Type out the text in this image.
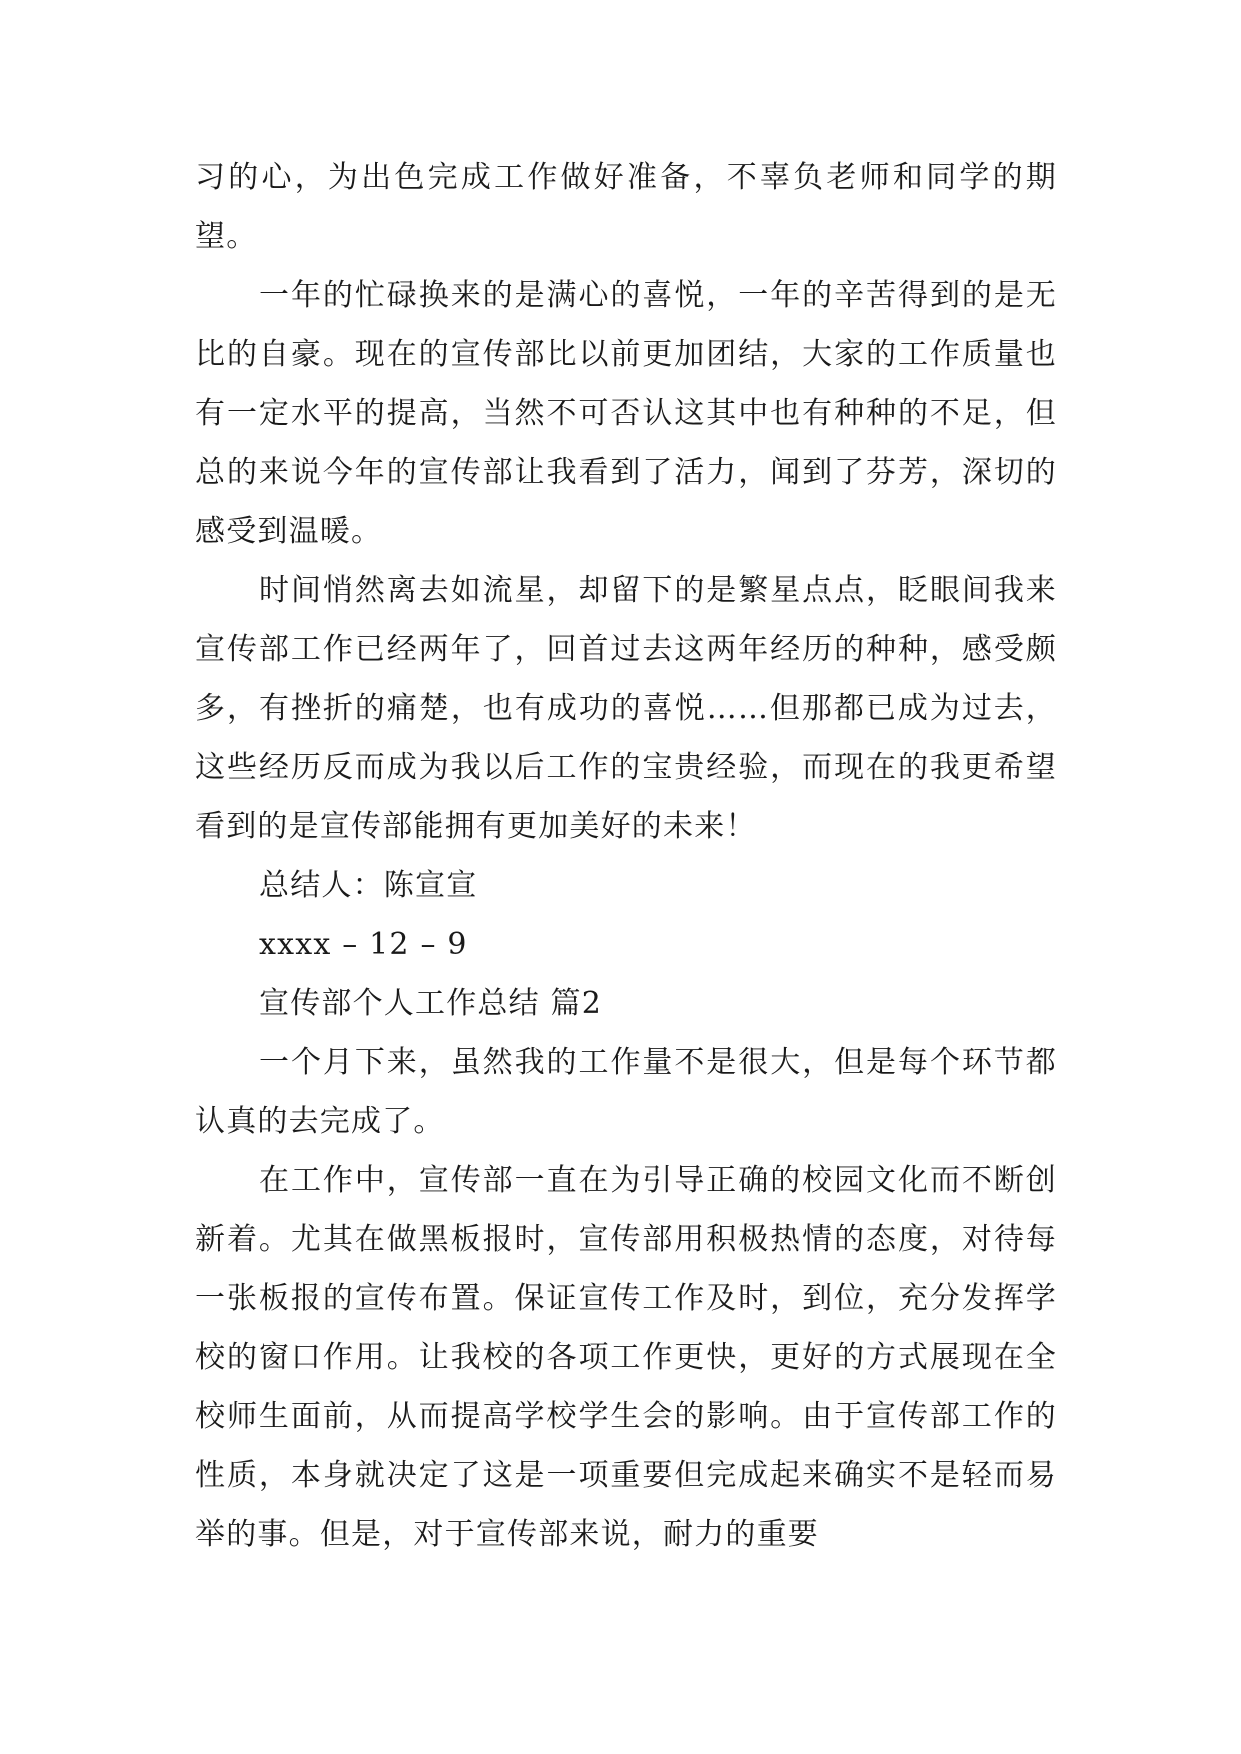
习的心，为出色完成工作做好准备，不辜负老师和同学的期望。

一年的忙碌换来的是满心的喜悦，一年的辛苦得到的是无比的自豪。现在的宣传部比以前更加团结，大家的工作质量也有一定水平的提高，当然不可否认这其中也有种种的不足，但总的来说今年的宣传部让我看到了活力，闻到了芬芳，深切的感受到温暖。

时间悄然离去如流星，却留下的是繁星点点，眨眼间我来宣传部工作已经两年了，回首过去这两年经历的种种，感受颇多，有挫折的痛楚，也有成功的喜悦……但那都已成为过去，这些经历反而成为我以后工作的宝贵经验，而现在的我更希望看到的是宣传部能拥有更加美好的未来！

总结人：陈宣宣

xxxx – 12 – 9

宣传部个人工作总结 篇2

一个月下来，虽然我的工作量不是很大，但是每个环节都认真的去完成了。

在工作中，宣传部一直在为引导正确的校园文化而不断创新着。尤其在做黑板报时，宣传部用积极热情的态度，对待每一张板报的宣传布置。保证宣传工作及时，到位，充分发挥学校的窗口作用。让我校的各项工作更快，更好的方式展现在全校师生面前，从而提高学校学生会的影响。由于宣传部工作的性质，本身就决定了这是一项重要但完成起来确实不是轻而易举的事。但是，对于宣传部来说，耐力的重要
